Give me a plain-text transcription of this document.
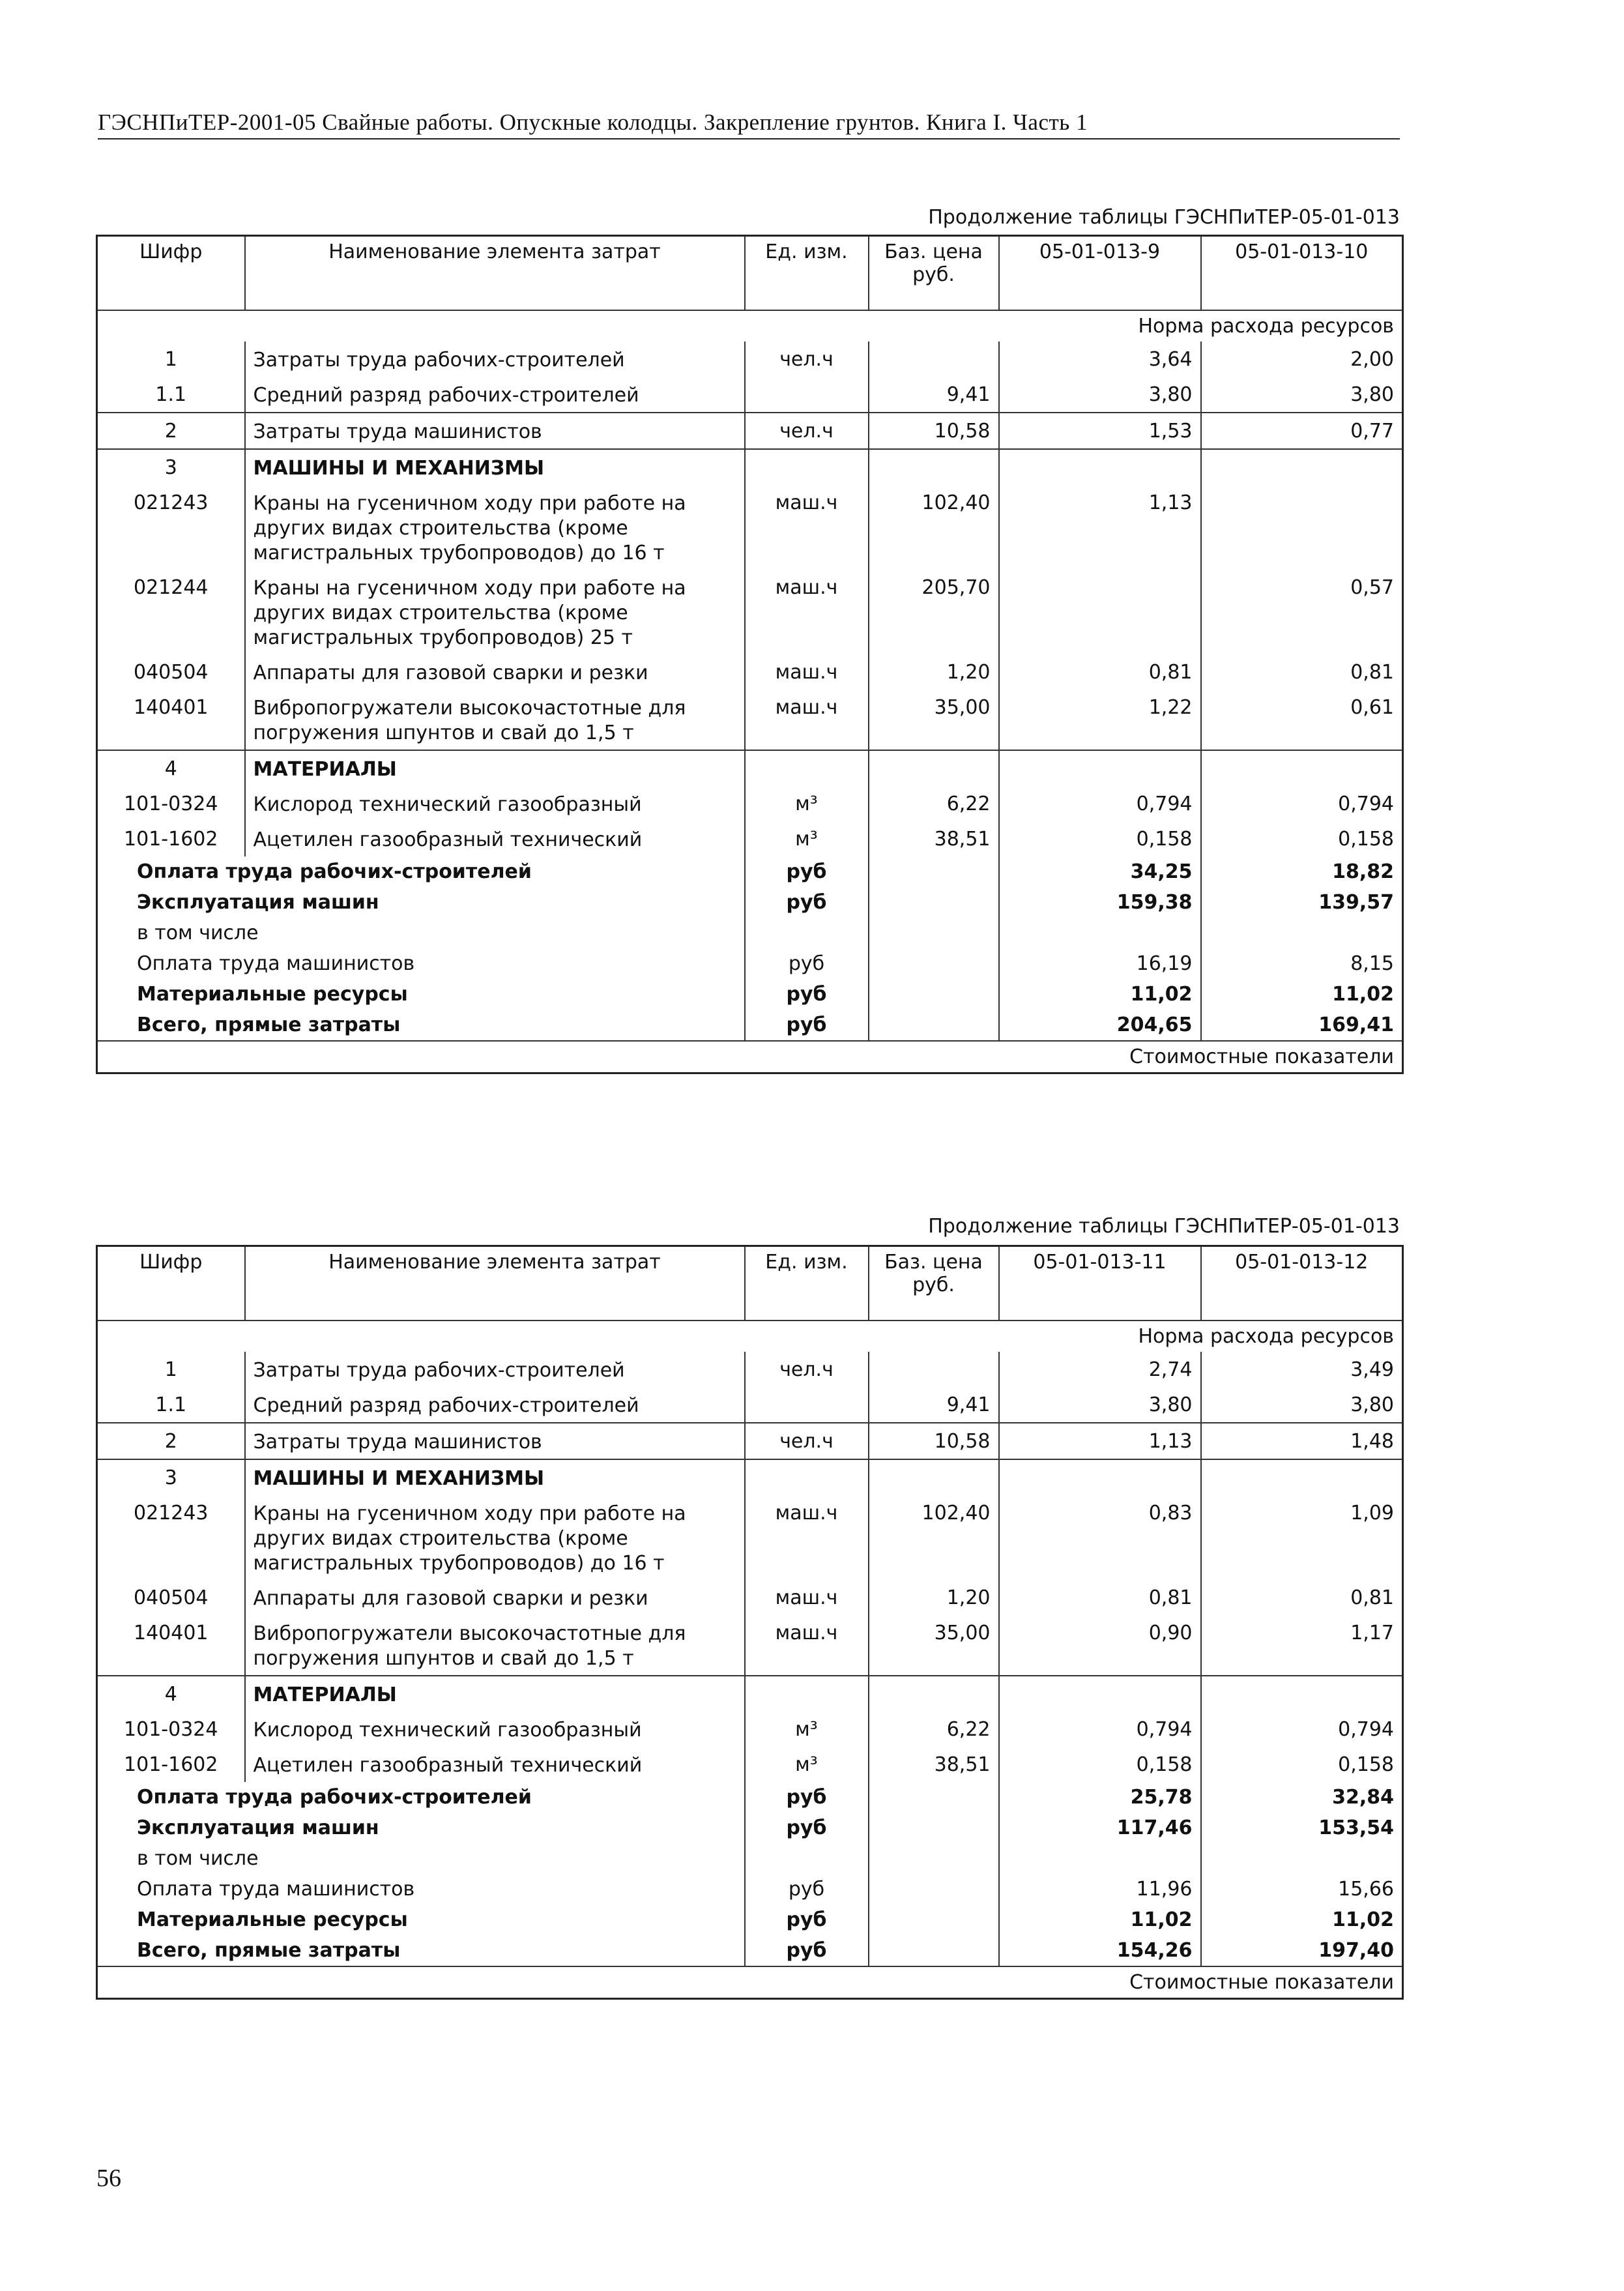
ГЭСНПиТЕР-2001-05 Свайные работы. Опускные колодцы. Закрепление грунтов. Книга I. Часть 1
Продолжение таблицы ГЭСНПиТЕР-05-01-013
Шифр	Наименование элемента затрат	Ед. изм.	Баз. цена руб.	05-01-013-9	05-01-013-10
Норма расхода ресурсов					
1	Затраты труда рабочих-строителей	чел.ч		3,64	2,00
1.1	Средний разряд рабочих-строителей		9,41	3,80	3,80
2	Затраты труда машинистов	чел.ч	10,58	1,53	0,77
3	МАШИНЫ И МЕХАНИЗМЫ				
021243	Краны на гусеничном ходу при работе на других видах строительства (кроме магистральных трубопроводов) до 16 т	маш.ч	102,40	1,13	
021244	Краны на гусеничном ходу при работе на других видах строительства (кроме магистральных трубопроводов) 25 т	маш.ч	205,70		0,57
040504	Аппараты для газовой сварки и резки	маш.ч	1,20	0,81	0,81
140401	Вибропогружатели высокочастотные для погружения шпунтов и свай до 1,5 т	маш.ч	35,00	1,22	0,61
4	МАТЕРИАЛЫ				
101-0324	Кислород технический газообразный	м³	6,22	0,794	0,794
101-1602	Ацетилен газообразный технический	м³	38,51	0,158	0,158
Оплата труда рабочих-строителей		руб		34,25	18,82
Эксплуатация машин		руб		159,38	139,57
в том числе					
Оплата труда машинистов		руб		16,19	8,15
Материальные ресурсы		руб		11,02	11,02
Всего, прямые затраты		руб		204,65	169,41
Стоимостные показатели					
Продолжение таблицы ГЭСНПиТЕР-05-01-013
Шифр	Наименование элемента затрат	Ед. изм.	Баз. цена руб.	05-01-013-11	05-01-013-12
Норма расхода ресурсов					
1	Затраты труда рабочих-строителей	чел.ч		2,74	3,49
1.1	Средний разряд рабочих-строителей		9,41	3,80	3,80
2	Затраты труда машинистов	чел.ч	10,58	1,13	1,48
3	МАШИНЫ И МЕХАНИЗМЫ				
021243	Краны на гусеничном ходу при работе на других видах строительства (кроме магистральных трубопроводов) до 16 т	маш.ч	102,40	0,83	1,09
040504	Аппараты для газовой сварки и резки	маш.ч	1,20	0,81	0,81
140401	Вибропогружатели высокочастотные для погружения шпунтов и свай до 1,5 т	маш.ч	35,00	0,90	1,17
4	МАТЕРИАЛЫ				
101-0324	Кислород технический газообразный	м³	6,22	0,794	0,794
101-1602	Ацетилен газообразный технический	м³	38,51	0,158	0,158
Оплата труда рабочих-строителей		руб		25,78	32,84
Эксплуатация машин		руб		117,46	153,54
в том числе					
Оплата труда машинистов		руб		11,96	15,66
Материальные ресурсы		руб		11,02	11,02
Всего, прямые затраты		руб		154,26	197,40
Стоимостные показатели					
56
